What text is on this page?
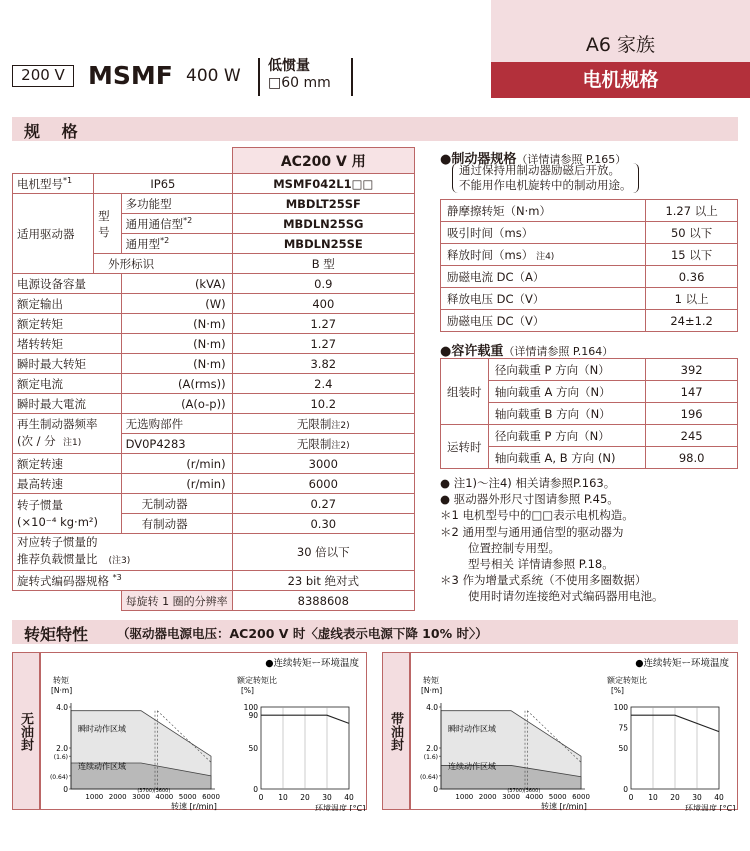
A6 家族
电机规格
200 V MSMF 400 W 低惯量
□60 mm
规 格
			AC200 V 用
电机型号$^{*1}$	IP65		MSMF042L1□□
适用驱动器	型号	多功能型	MBDLT25SF
		通用通信型$^{*2}$	MBDLN25SG
		通用型$^{*2}$	MBDLN25SE
	外形标识		B 型
电源设备容量		(kVA)	0.9
额定输出		(W)	400
额定转矩		(N·m)	1.27
堵转转矩		(N·m)	1.27
瞬时最大转矩		(N·m)	3.82
额定电流		(A(rms))	2.4
瞬时最大電流		(A(o-p))	10.2
再生制动器频率
(次 / 分 注1)		无选购部件	无限制注2)
		DV0P4283	无限制注2)
额定转速		(r/min)	3000
最高转速		(r/min)	6000
转子惯量
(×10⁻⁴ kg·m²)		无制动器	0.27
		有制动器	0.30
对应转子惯量的
推荐负载惯量比 (注3)			30 倍以下
旋转式编码器规格 $^{*3}$			23 bit 绝对式
		每旋转 1 圈的分辨率	8388608
●制动器规格（详情请参照 P.165）
通过保持用制动器励磁后开放。
不能用作电机旋转中的制动用途。
静摩擦转矩（N·m）	1.27 以上
吸引时间（ms）	50 以下
释放时间（ms） 注4)	15 以下
励磁电流 DC（A）	0.36
释放电压 DC（V）	1 以上
励磁电压 DC（V）	24±1.2
●容许载重（详情请参照 P.164）
组装时	径向载重 P 方向（N）	392
	轴向载重 A 方向（N）	147
	轴向载重 B 方向（N）	196
运转时	径向载重 P 方向（N）	245
	轴向载重 A, B 方向 (N)	98.0
● 注1)～注4) 相关请参照P.163。
● 驱动器外形尺寸图请参照 P.45。
＊1 电机型号中的□□表示电机构造。
＊2 通用型与通用通信型的驱动器为
位置控制专用型。
型号相关 详情请参照 P.18。
＊3 作为增量式系统（不使用多圈数据）
使用时请勿连接绝对式编码器用电池。
转矩特性 （驱动器电源电压：AC200 V 时〈虚线表示电源下降 10% 时〉）
无油封
●连续转矩ー环境温度
转矩
[N·m]
4.0
2.0
(1.6)
(0.64)
0
1000 2000 3000 4000 5000 6000
(3700) (3600)
转速 [r/min]
瞬时动作区域
连续动作区域
额定转矩比
[%]
100
90
50
0
0 10 20 30 40
环境温度 [°C]
带油封
●连续转矩ー环境温度
转矩
[N·m]
4.0
2.0
(1.6)
(0.64)
0
1000 2000 3000 4000 5000 6000
(3700) (3600)
转速 [r/min]
瞬时动作区域
连续动作区域
额定转矩比
[%]
100
75
50
0
0 10 20 30 40
环境温度 [°C]
